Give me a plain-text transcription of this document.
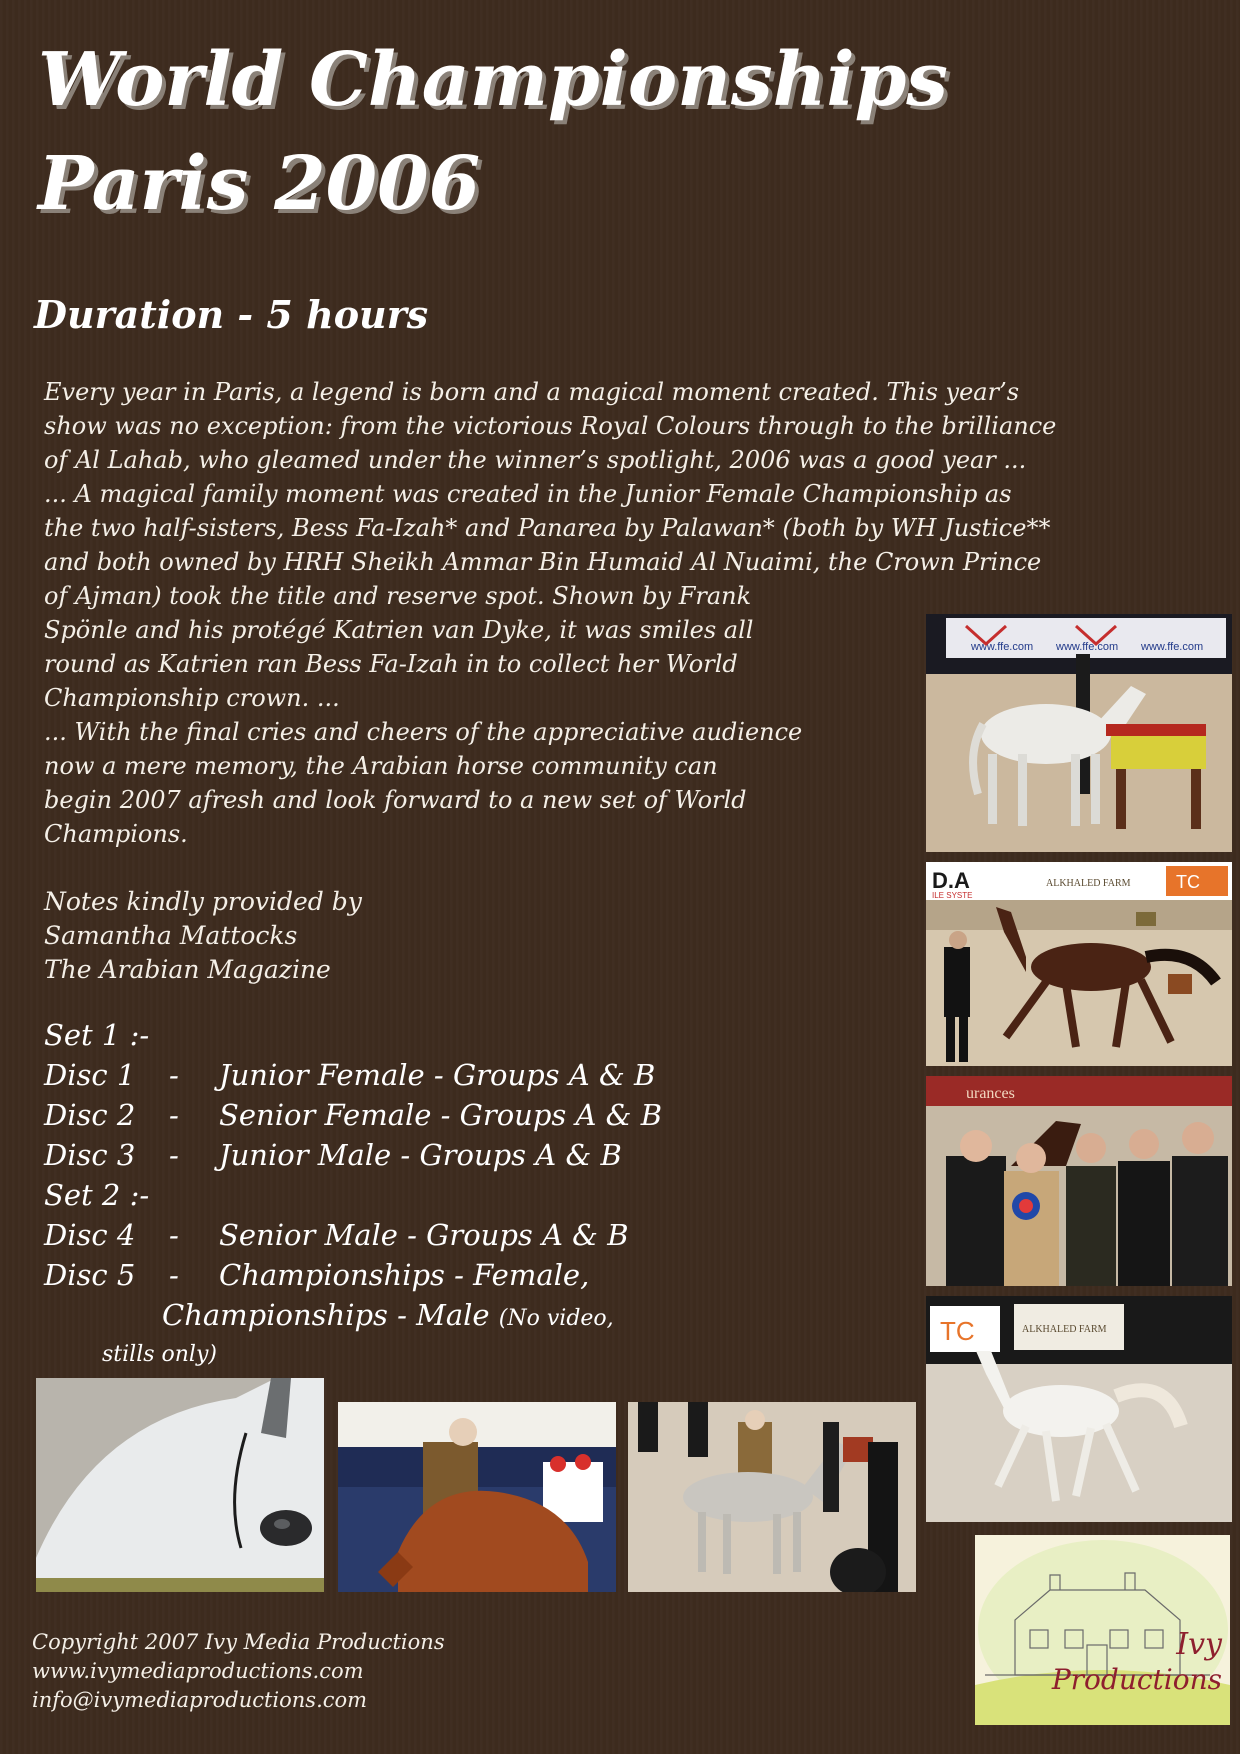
World Championships
Paris 2006
Duration - 5 hours

Every year in Paris, a legend is born and a magical moment created. This year’s

show was no exception: from the victorious Royal Colours through to the brilliance

of Al Lahab, who gleamed under the winner’s spotlight, 2006 was a good year ...

... A magical family moment was created in the Junior Female Championship as

the two half-sisters, Bess Fa-Izah* and Panarea by Palawan* (both by WH Justice**

and both owned by HRH Sheikh Ammar Bin Humaid Al Nuaimi, the Crown Prince

of Ajman) took the title and reserve spot. Shown by Frank

Spönle and his protégé Katrien van Dyke, it was smiles all

round as Katrien ran Bess Fa-Izah in to collect her World

Championship crown. ...

... With the final cries and cheers of the appreciative audience

now a mere memory, the Arabian horse community can

begin 2007 afresh and look forward to a new set of World

Champions.

Notes kindly provided by

Samantha Mattocks

The Arabian Magazine

Set 1 :-
Disc 1 - Junior Female - Groups A & B
Disc 2 - Senior Female - Groups A & B
Disc 3 - Junior Male - Groups A & B
Set 2 :-
Disc 4 - Senior Male - Groups A & B
Disc 5 - Championships - Female,
Championships - Male (No video,
stills only)
www.ffe.com www.ffe.com www.ffe.com
D.A
ILE SYSTE
ALKHALED FARM	TC
urances
TC	ALKHALED FARM

Copyright 2007 Ivy Media Productions

www.ivymediaproductions.com

info@ivymediaproductions.com

Ivy
Productions
